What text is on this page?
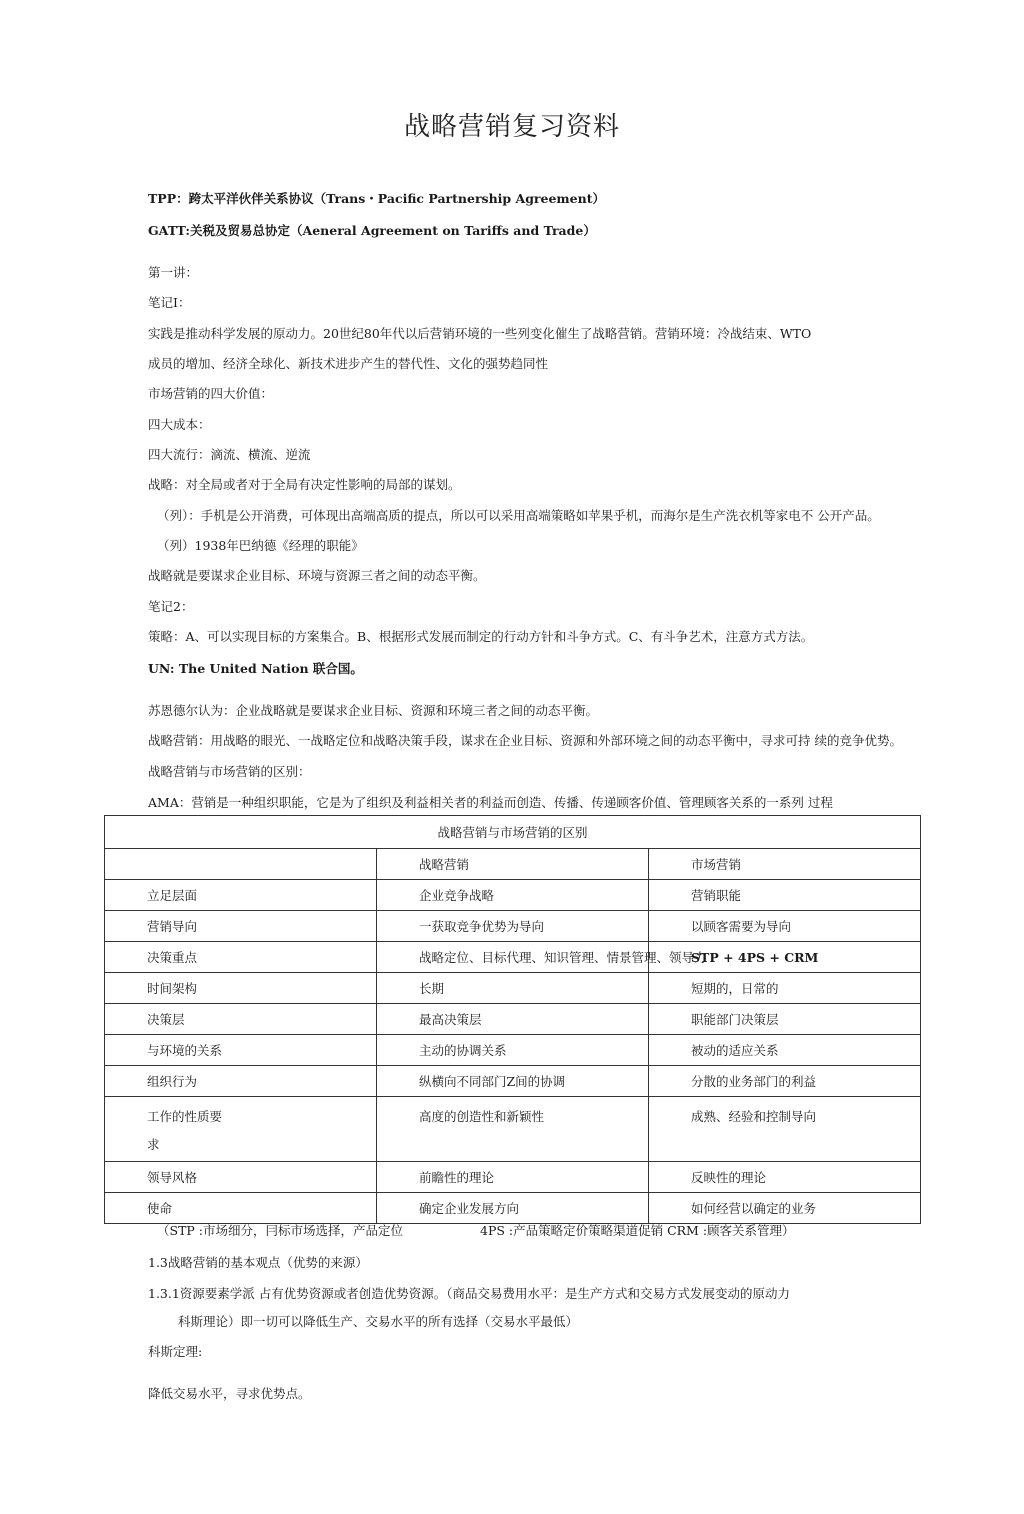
战略营销复习资料
TPP：跨太平洋伙伴关系协议（Trans・Pacific Partnership Agreement）
GATT:关税及贸易总协定（Aeneral Agreement on Tariffs and Trade）
第一讲：
笔记I：
实践是推动科学发展的原动力。20世纪80年代以后营销环境的一些列变化催生了战略营销。营销环境：冷战结束、WTO
成员的增加、经济全球化、新技术进步产生的替代性、文化的强势趋同性
市场营销的四大价值：
四大成本：
四大流行：滴流、横流、逆流
战略：对全局或者对于全局有决定性影响的局部的谋划。
（列）：手机是公开消费，可体现出高端高质的提点，所以可以采用高端策略如苹果乎机，而海尔是生产洗衣机等家电不 公开产品。
（列）1938年巴纳德《经理的职能》
战略就是要谋求企业目标、环境与资源三者之间的动态平衡。
笔记2：
策略：A、可以实现目标的方案集合。B、根据形式发展而制定的行动方针和斗争方式。C、有斗争艺术，注意方式方法。
UN: The United Nation 联合国。
苏恩德尔认为：企业战略就是要谋求企业目标、资源和环境三者之间的动态平衡。
战略营销：用战略的眼光、一战略定位和战略决策手段，谋求在企业目标、资源和外部环境之间的动态平衡中，寻求可持 续的竞争优势。
战略营销与市场营销的区别：
AMA：营销是一种组织职能，它是为了组织及利益相关者的利益而创造、传播、传递顾客价值、管理顾客关系的一系列 过程
战略营销与市场营销的区别		
	战略营销	市场营销
立足层面	企业竞争战略	营销职能
营销导向	一获取竞争优势为导向	以顾客需要为导向
决策重点	战略定位、目标代理、知识管理、情景管理、领导力	STP + 4PS + CRM
时间架构	长期	短期的，日常的
决策层	最高决策层	职能部门决策层
与环境的关系	主动的协调关系	被动的适应关系
组织行为	纵横向不同部门Z间的协调	分散的业务部门的利益
工作的性质要
求	高度的创造性和新颖性	成熟、经验和控制导向
领导风格	前瞻性的理论	反映性的理论
使命	确定企业发展方向	如何经营以确定的业务
（STP :市场细分，冃标市场选择，产品定位	4PS :产品策略定价策略渠道促销 CRM :顾客关系管理）
1.3战略营销的基本观点（优势的来源）
1.3.1资源要素学派 占有优势资源或者创造优势资源。（商品交易费用水平：是生产方式和交易方式发展变动的原动力
科斯理论）即一切可以降低生产、交易水平的所有选择（交易水平最低）
科斯定理:
降低交易水平，寻求优势点。
